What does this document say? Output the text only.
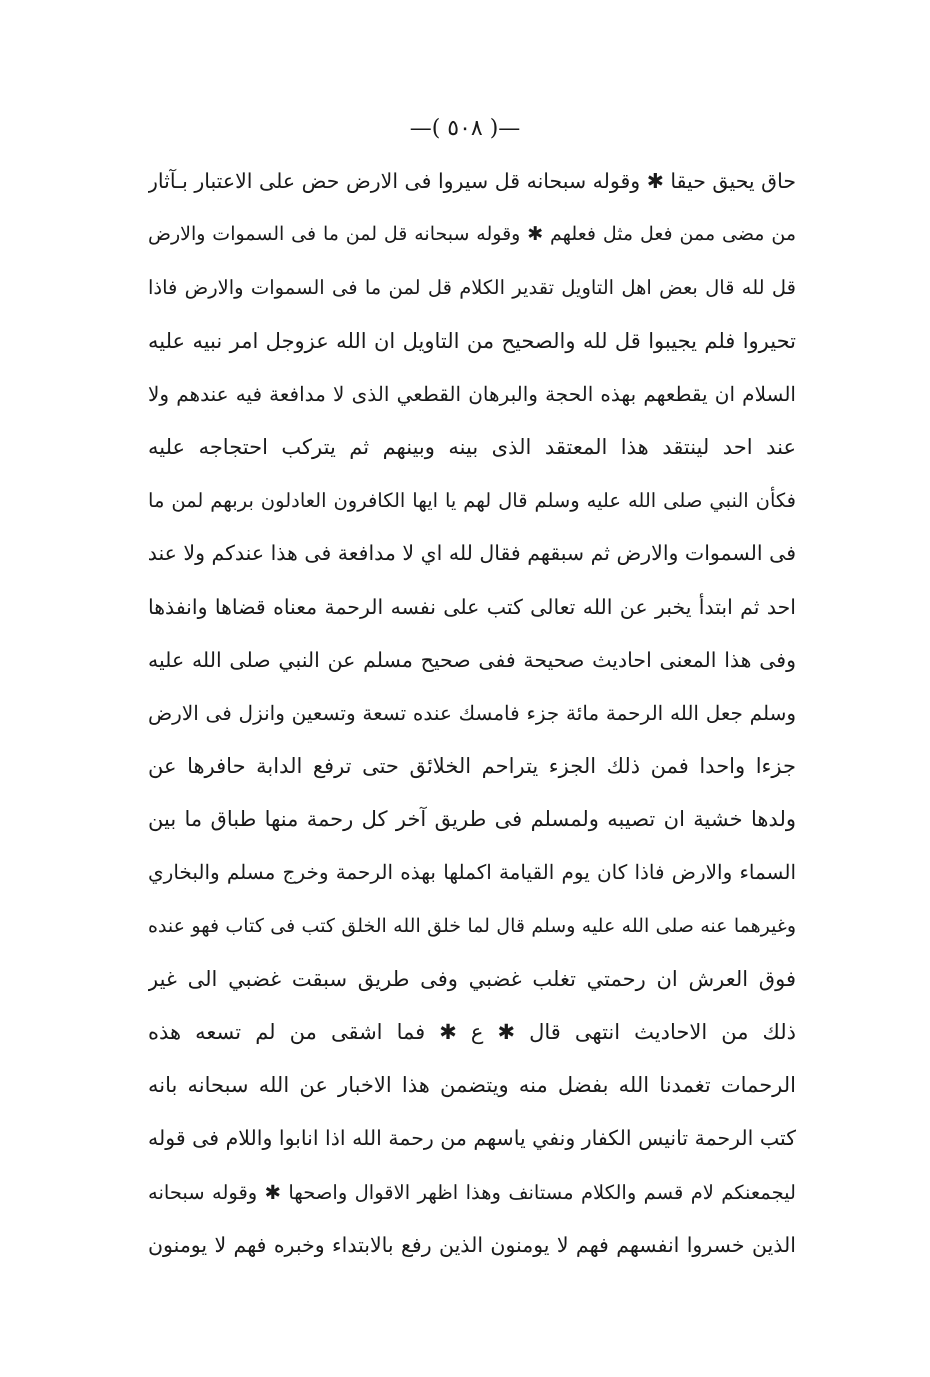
—( ٥٠٨ )—
حاق يحيق حيقا ✱ وقوله سبحانه قل سيروا فى الارض حض على الاعتبار بـآثار
من مضى ممن فعل مثل فعلهم ✱ وقوله سبحانه قل لمن ما فى السموات والارض
قل لله قال بعض اهل التاويل تقدير الكلام قل لمن ما فى السموات والارض فاذا
تحيروا فلم يجيبوا قل لله والصحيح من التاويل ان الله عزوجل امر نبيه عليه
السلام ان يقطعهم بهذه الحجة والبرهان القطعي الذى لا مدافعة فيه عندهم ولا
عند احد لينتقد هذا المعتقد الذى بينه وبينهم ثم يتركب احتجاجه عليه
فكأن النبي صلى الله عليه وسلم قال لهم يا ايها الكافرون العادلون بربهم لمن ما
فى السموات والارض ثم سبقهم فقال لله اي لا مدافعة فى هذا عندكم ولا عند
احد ثم ابتدأ يخبر عن الله تعالى كتب على نفسه الرحمة معناه قضاها وانفذها
وفى هذا المعنى احاديث صحيحة ففى صحيح مسلم عن النبي صلى الله عليه
وسلم جعل الله الرحمة مائة جزء فامسك عنده تسعة وتسعين وانزل فى الارض
جزءا واحدا فمن ذلك الجزء يتراحم الخلائق حتى ترفع الدابة حافرها عن
ولدها خشية ان تصيبه ولمسلم فى طريق آخر كل رحمة منها طباق ما بين
السماء والارض فاذا كان يوم القيامة اكملها بهذه الرحمة وخرج مسلم والبخاري
وغيرهما عنه صلى الله عليه وسلم قال لما خلق الله الخلق كتب فى كتاب فهو عنده
فوق العرش ان رحمتي تغلب غضبي وفى طريق سبقت غضبي الى غير
ذلك من الاحاديث انتهى قال ✱ ع ✱ فما اشقى من لم تسعه هذه
الرحمات تغمدنا الله بفضل منه ويتضمن هذا الاخبار عن الله سبحانه بانه
كتب الرحمة تانيس الكفار ونفي ياسهم من رحمة الله اذا انابوا واللام فى قوله
ليجمعنكم لام قسم والكلام مستانف وهذا اظهر الاقوال واصحها ✱ وقوله سبحانه
الذين خسروا انفسهم فهم لا يومنون الذين رفع بالابتداء وخبره فهم لا يومنون
